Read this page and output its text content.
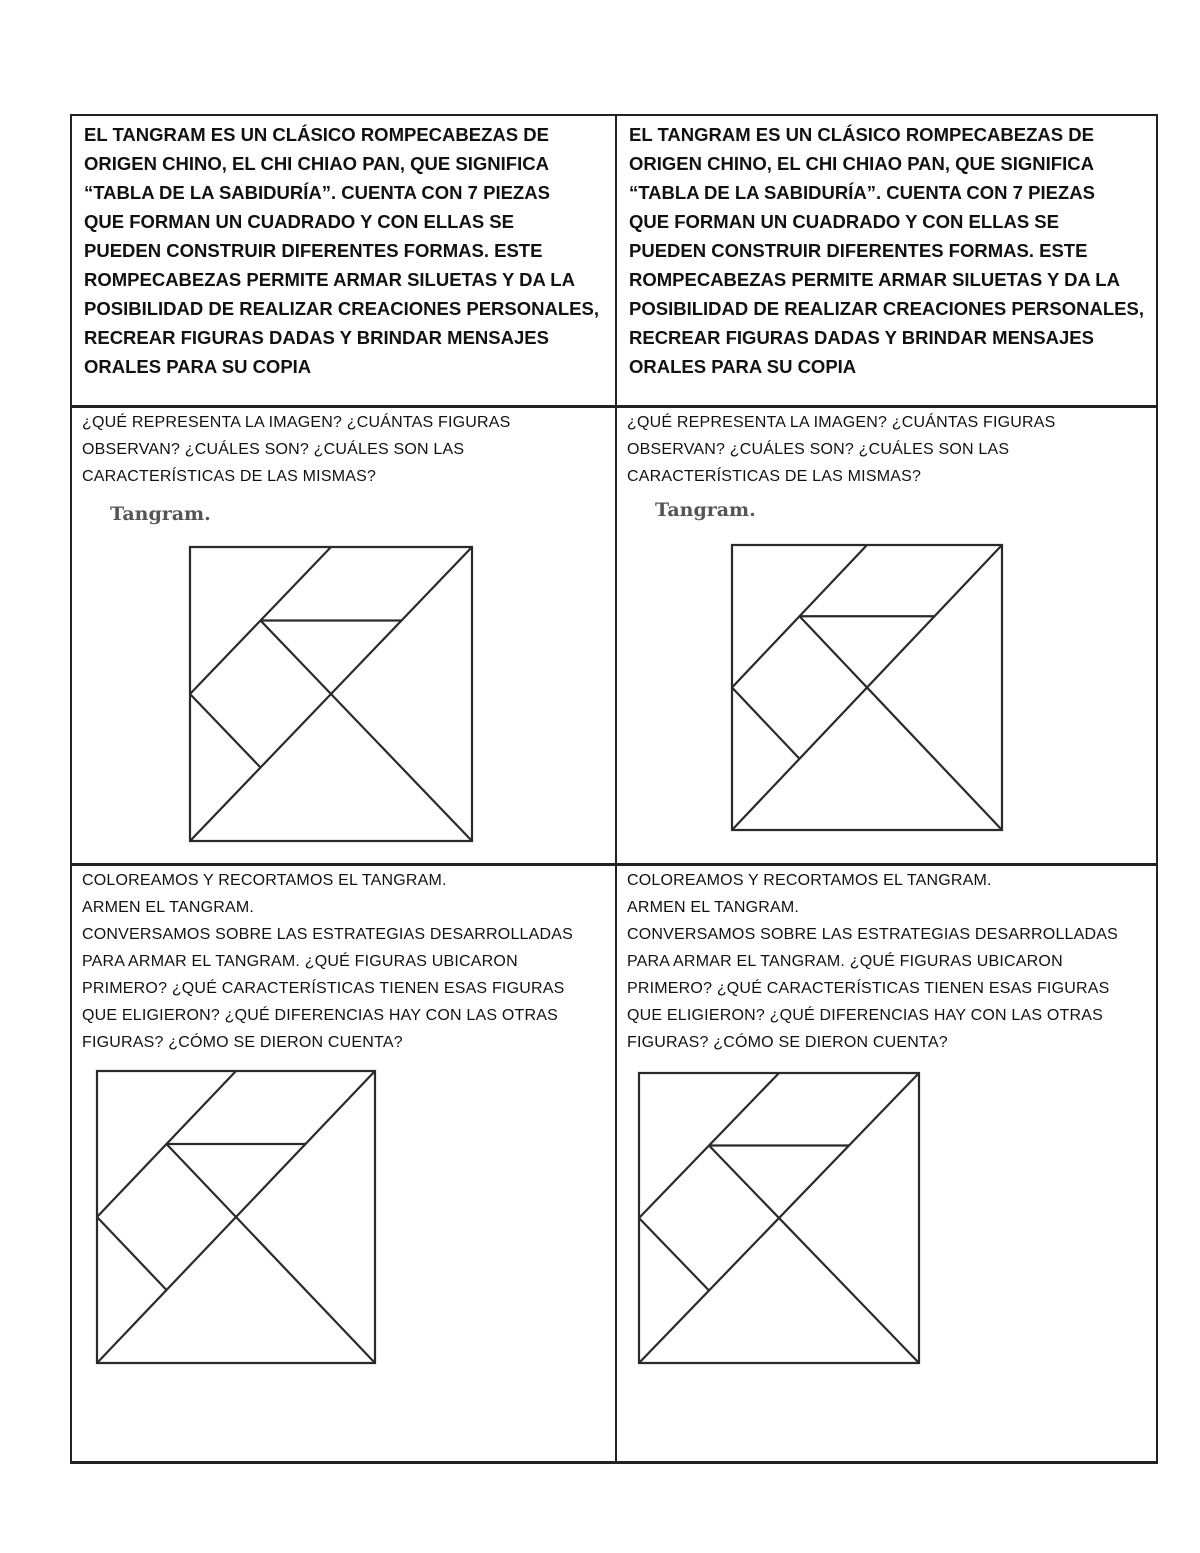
EL TANGRAM ES UN CLÁSICO ROMPECABEZAS DE
ORIGEN CHINO, EL CHI CHIAO PAN, QUE SIGNIFICA
“TABLA DE LA SABIDURÍA”. CUENTA CON 7 PIEZAS
QUE FORMAN UN CUADRADO Y CON ELLAS SE
PUEDEN CONSTRUIR DIFERENTES FORMAS. ESTE
ROMPECABEZAS PERMITE ARMAR SILUETAS Y DA LA
POSIBILIDAD DE REALIZAR CREACIONES PERSONALES,
RECREAR FIGURAS DADAS Y BRINDAR MENSAJES
ORALES PARA SU COPIA

EL TANGRAM ES UN CLÁSICO ROMPECABEZAS DE
ORIGEN CHINO, EL CHI CHIAO PAN, QUE SIGNIFICA
“TABLA DE LA SABIDURÍA”. CUENTA CON 7 PIEZAS
QUE FORMAN UN CUADRADO Y CON ELLAS SE
PUEDEN CONSTRUIR DIFERENTES FORMAS. ESTE
ROMPECABEZAS PERMITE ARMAR SILUETAS Y DA LA
POSIBILIDAD DE REALIZAR CREACIONES PERSONALES,
RECREAR FIGURAS DADAS Y BRINDAR MENSAJES
ORALES PARA SU COPIA

¿QUÉ REPRESENTA LA IMAGEN? ¿CUÁNTAS FIGURAS
OBSERVAN? ¿CUÁLES SON? ¿CUÁLES SON LAS
CARACTERÍSTICAS DE LAS MISMAS?

Tangram.

¿QUÉ REPRESENTA LA IMAGEN? ¿CUÁNTAS FIGURAS
OBSERVAN? ¿CUÁLES SON? ¿CUÁLES SON LAS
CARACTERÍSTICAS DE LAS MISMAS?

Tangram.

COLOREAMOS Y RECORTAMOS EL TANGRAM.
ARMEN EL TANGRAM.
CONVERSAMOS SOBRE LAS ESTRATEGIAS DESARROLLADAS
PARA ARMAR EL TANGRAM. ¿QUÉ FIGURAS UBICARON
PRIMERO? ¿QUÉ CARACTERÍSTICAS TIENEN ESAS FIGURAS
QUE ELIGIERON? ¿QUÉ DIFERENCIAS HAY CON LAS OTRAS
FIGURAS? ¿CÓMO SE DIERON CUENTA?

COLOREAMOS Y RECORTAMOS EL TANGRAM.
ARMEN EL TANGRAM.
CONVERSAMOS SOBRE LAS ESTRATEGIAS DESARROLLADAS
PARA ARMAR EL TANGRAM. ¿QUÉ FIGURAS UBICARON
PRIMERO? ¿QUÉ CARACTERÍSTICAS TIENEN ESAS FIGURAS
QUE ELIGIERON? ¿QUÉ DIFERENCIAS HAY CON LAS OTRAS
FIGURAS? ¿CÓMO SE DIERON CUENTA?
